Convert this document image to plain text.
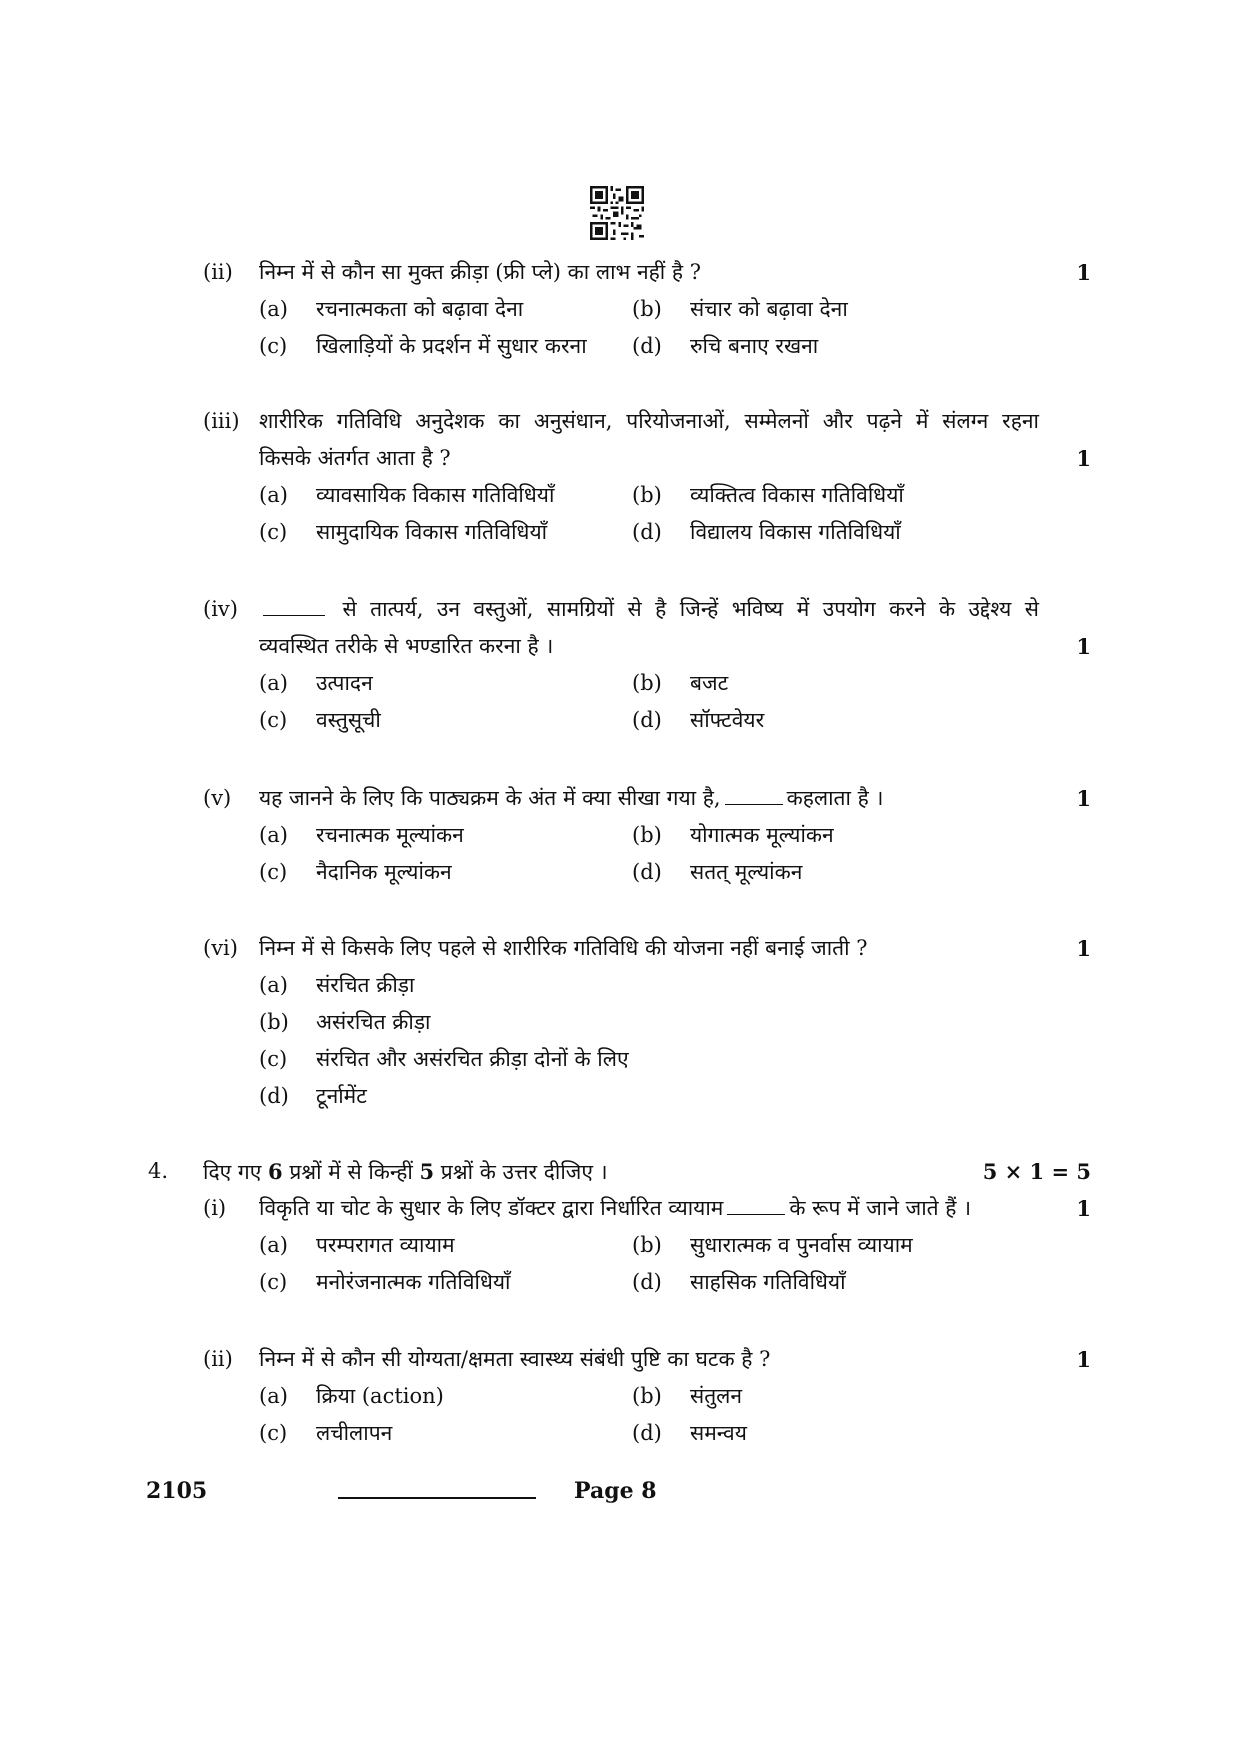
(ii) निम्न में से कौन सा मुक्त क्रीड़ा (फ्री प्ले) का लाभ नहीं है ?	1
(a) रचनात्मकता को बढ़ावा देना	(b) संचार को बढ़ावा देना
(c) खिलाड़ियों के प्रदर्शन में सुधार करना (d) रुचि बनाए रखना
(iii) शारीरिक गतिविधि अनुदेशक का अनुसंधान, परियोजनाओं, सम्मेलनों और पढ़ने में संलग्न रहना
किसके अंतर्गत आता है ?	1
(a) व्यावसायिक विकास गतिविधियाँ	(b) व्यक्तित्व विकास गतिविधियाँ
(c) सामुदायिक विकास गतिविधियाँ	(d) विद्यालय विकास गतिविधियाँ
(iv)	से तात्पर्य, उन वस्तुओं, सामग्रियों से है जिन्हें भविष्य में उपयोग करने के उद्देश्य से
व्यवस्थित तरीके से भण्डारित करना है ।	1
(a) उत्पादन	(b) बजट
(c) वस्तुसूची	(d) सॉफ्टवेयर
(v) यह जानने के लिए कि पाठ्यक्रम के अंत में क्या सीखा गया है,	कहलाता है ।	1
(a) रचनात्मक मूल्यांकन	(b) योगात्मक मूल्यांकन
(c) नैदानिक मूल्यांकन	(d) सतत् मूल्यांकन
(vi) निम्न में से किसके लिए पहले से शारीरिक गतिविधि की योजना नहीं बनाई जाती ?	1
(a) संरचित क्रीड़ा
(b) असंरचित क्रीड़ा
(c) संरचित और असंरचित क्रीड़ा दोनों के लिए
(d) टूर्नामेंट
4. दिए गए 6 प्रश्नों में से किन्हीं 5 प्रश्नों के उत्तर दीजिए ।	5 × 1 = 5
(i) विकृति या चोट के सुधार के लिए डॉक्टर द्वारा निर्धारित व्यायाम	के रूप में जाने जाते हैं ।	1
(a) परम्परागत व्यायाम	(b) सुधारात्मक व पुनर्वास व्यायाम
(c) मनोरंजनात्मक गतिविधियाँ	(d) साहसिक गतिविधियाँ
(ii) निम्न में से कौन सी योग्यता/क्षमता स्वास्थ्य संबंधी पुष्टि का घटक है ?	1
(a) क्रिया (action)	(b) संतुलन
(c) लचीलापन	(d) समन्वय
2105	Page 8
